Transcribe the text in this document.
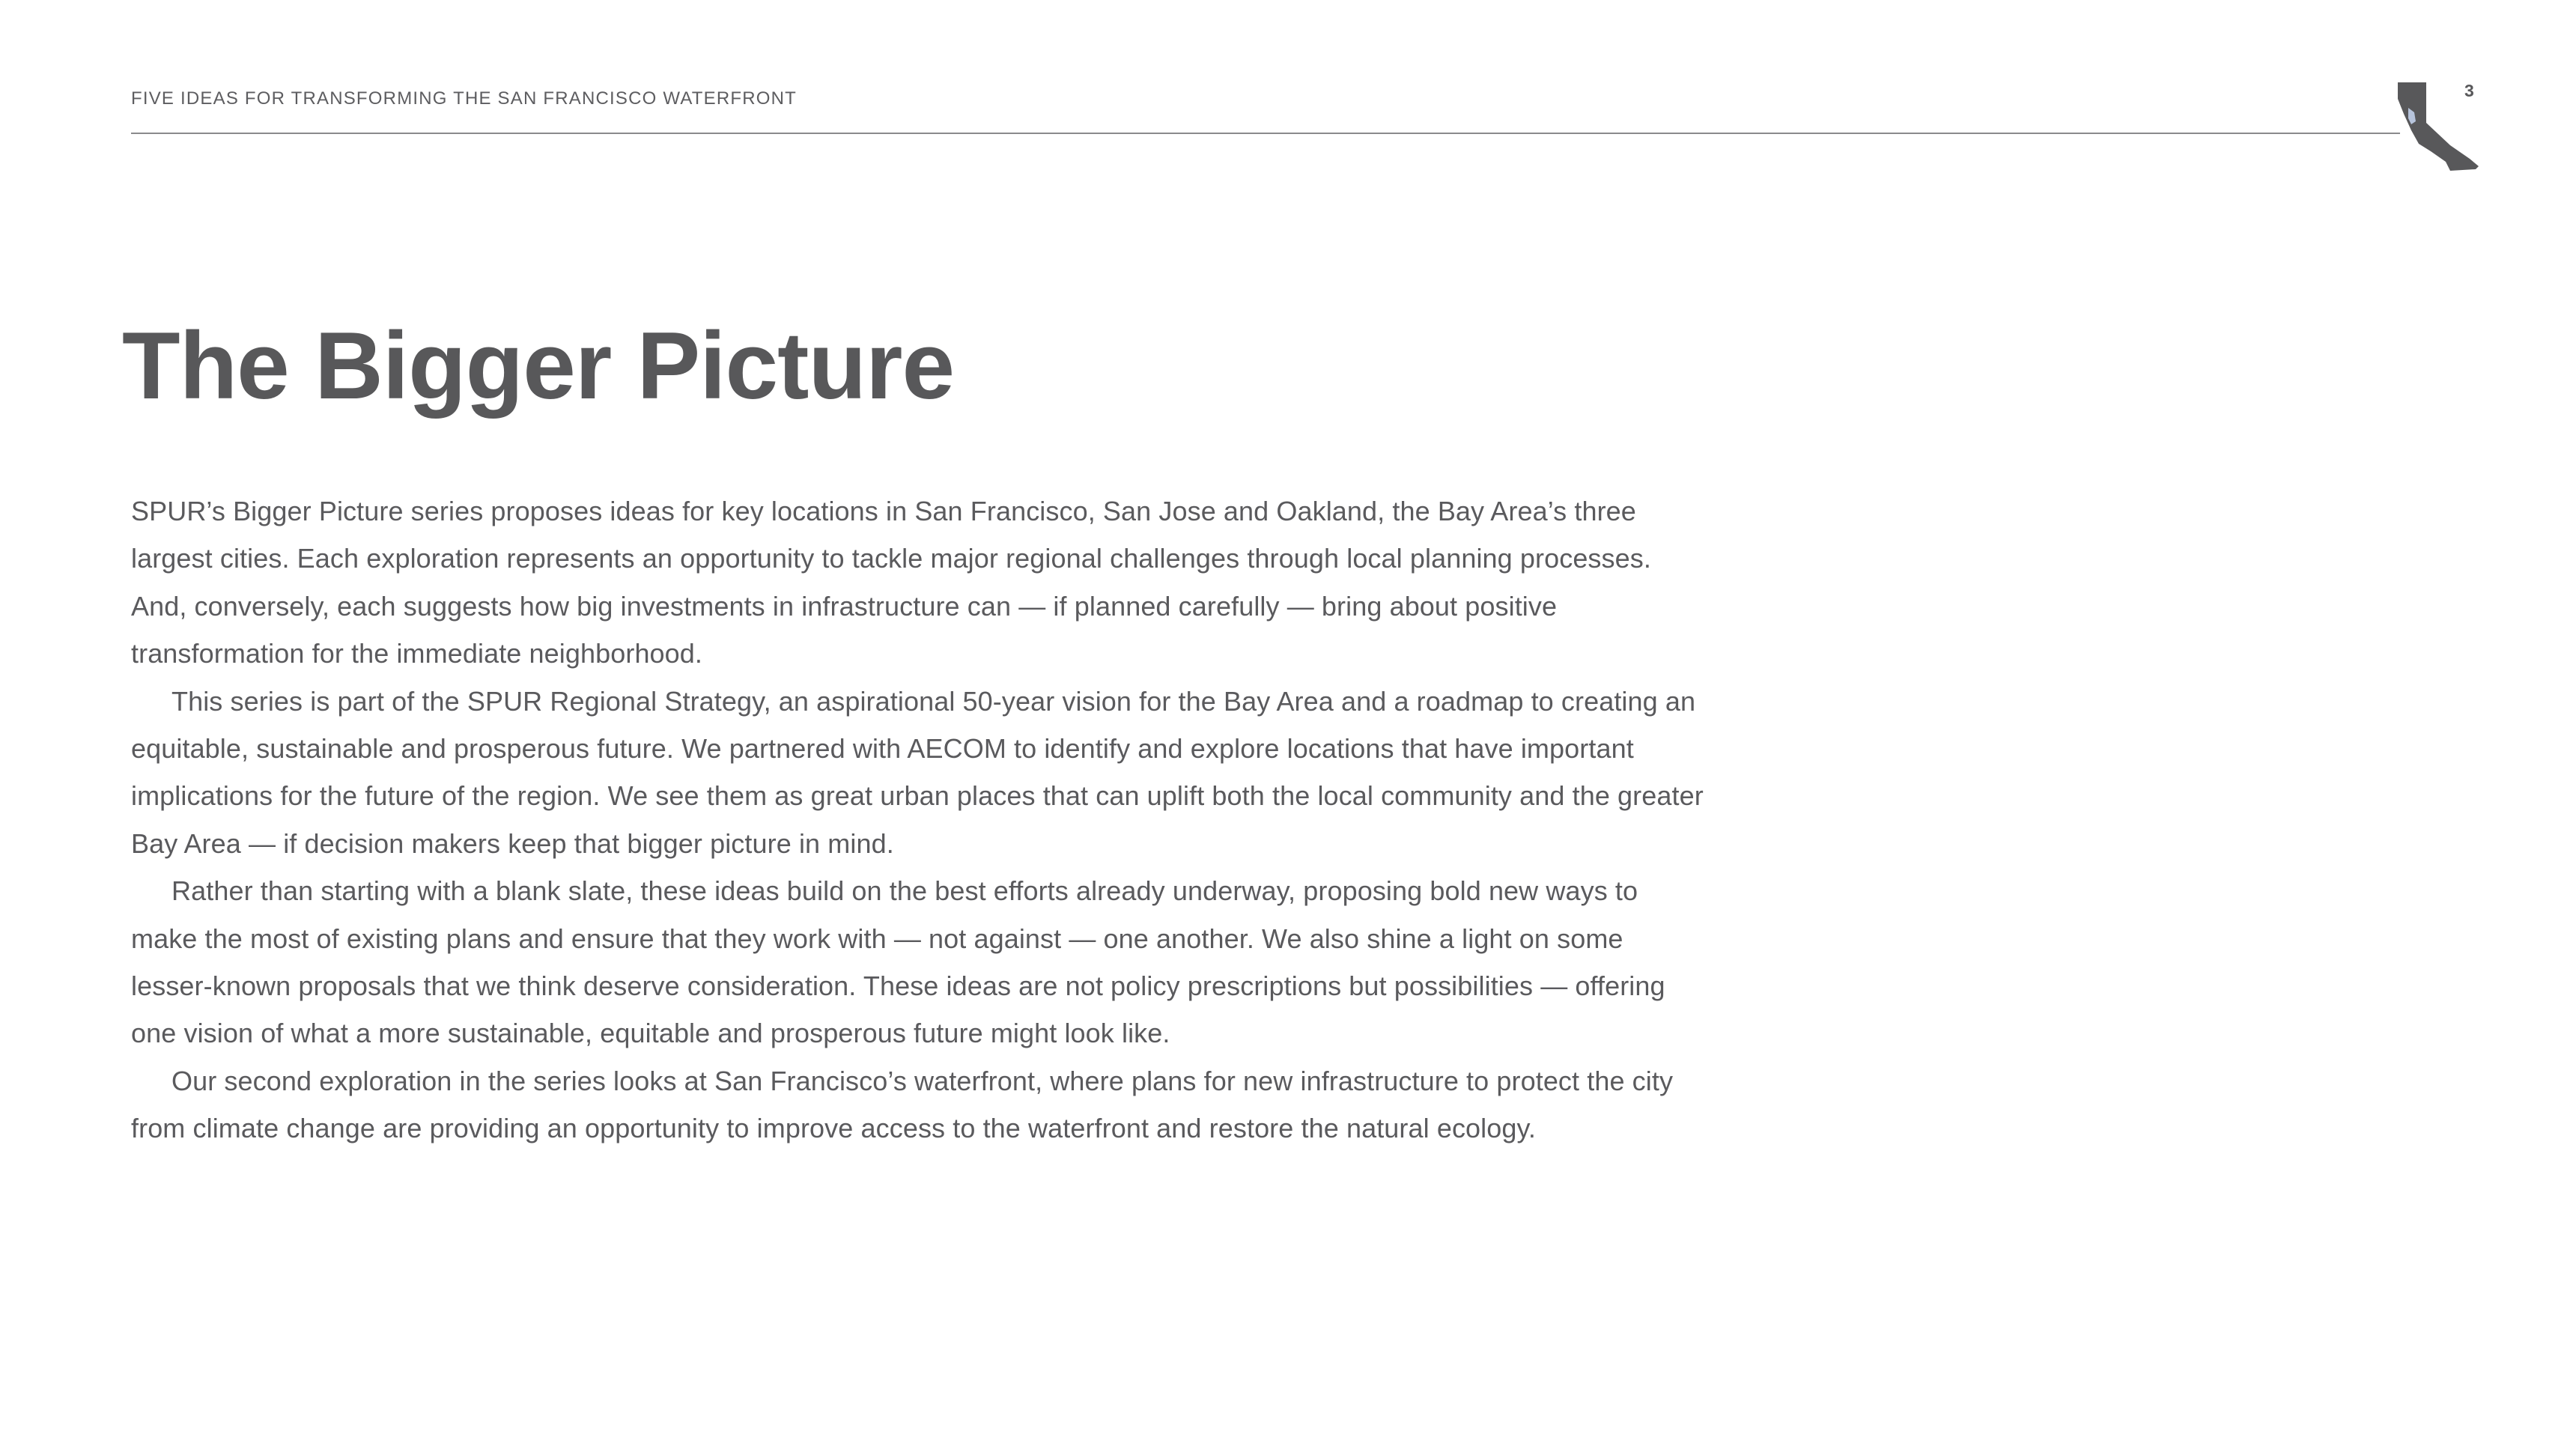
FIVE IDEAS FOR TRANSFORMING THE SAN FRANCISCO WATERFRONT	3
The Bigger Picture

SPUR’s Bigger Picture series proposes ideas for key locations in San Francisco, San Jose and Oakland, the Bay Area’s three largest cities. Each exploration represents an opportunity to tackle major regional challenges through local planning processes. And, conversely, each suggests how big investments in infrastructure can — if planned carefully — bring about positive transformation for the immediate neighborhood.

This series is part of the SPUR Regional Strategy, an aspirational 50-year vision for the Bay Area and a roadmap to creating an equitable, sustainable and prosperous future. We partnered with AECOM to identify and explore locations that have important implications for the future of the region. We see them as great urban places that can uplift both the local community and the greater Bay Area — if decision makers keep that bigger picture in mind.

Rather than starting with a blank slate, these ideas build on the best efforts already underway, proposing bold new ways to make the most of existing plans and ensure that they work with — not against — one another. We also shine a light on some lesser-known proposals that we think deserve consideration. These ideas are not policy prescriptions but possibilities — offering one vision of what a more sustainable, equitable and prosperous future might look like.

Our second exploration in the series looks at San Francisco’s waterfront, where plans for new infrastructure to protect the city from climate change are providing an opportunity to improve access to the waterfront and restore the natural ecology.
